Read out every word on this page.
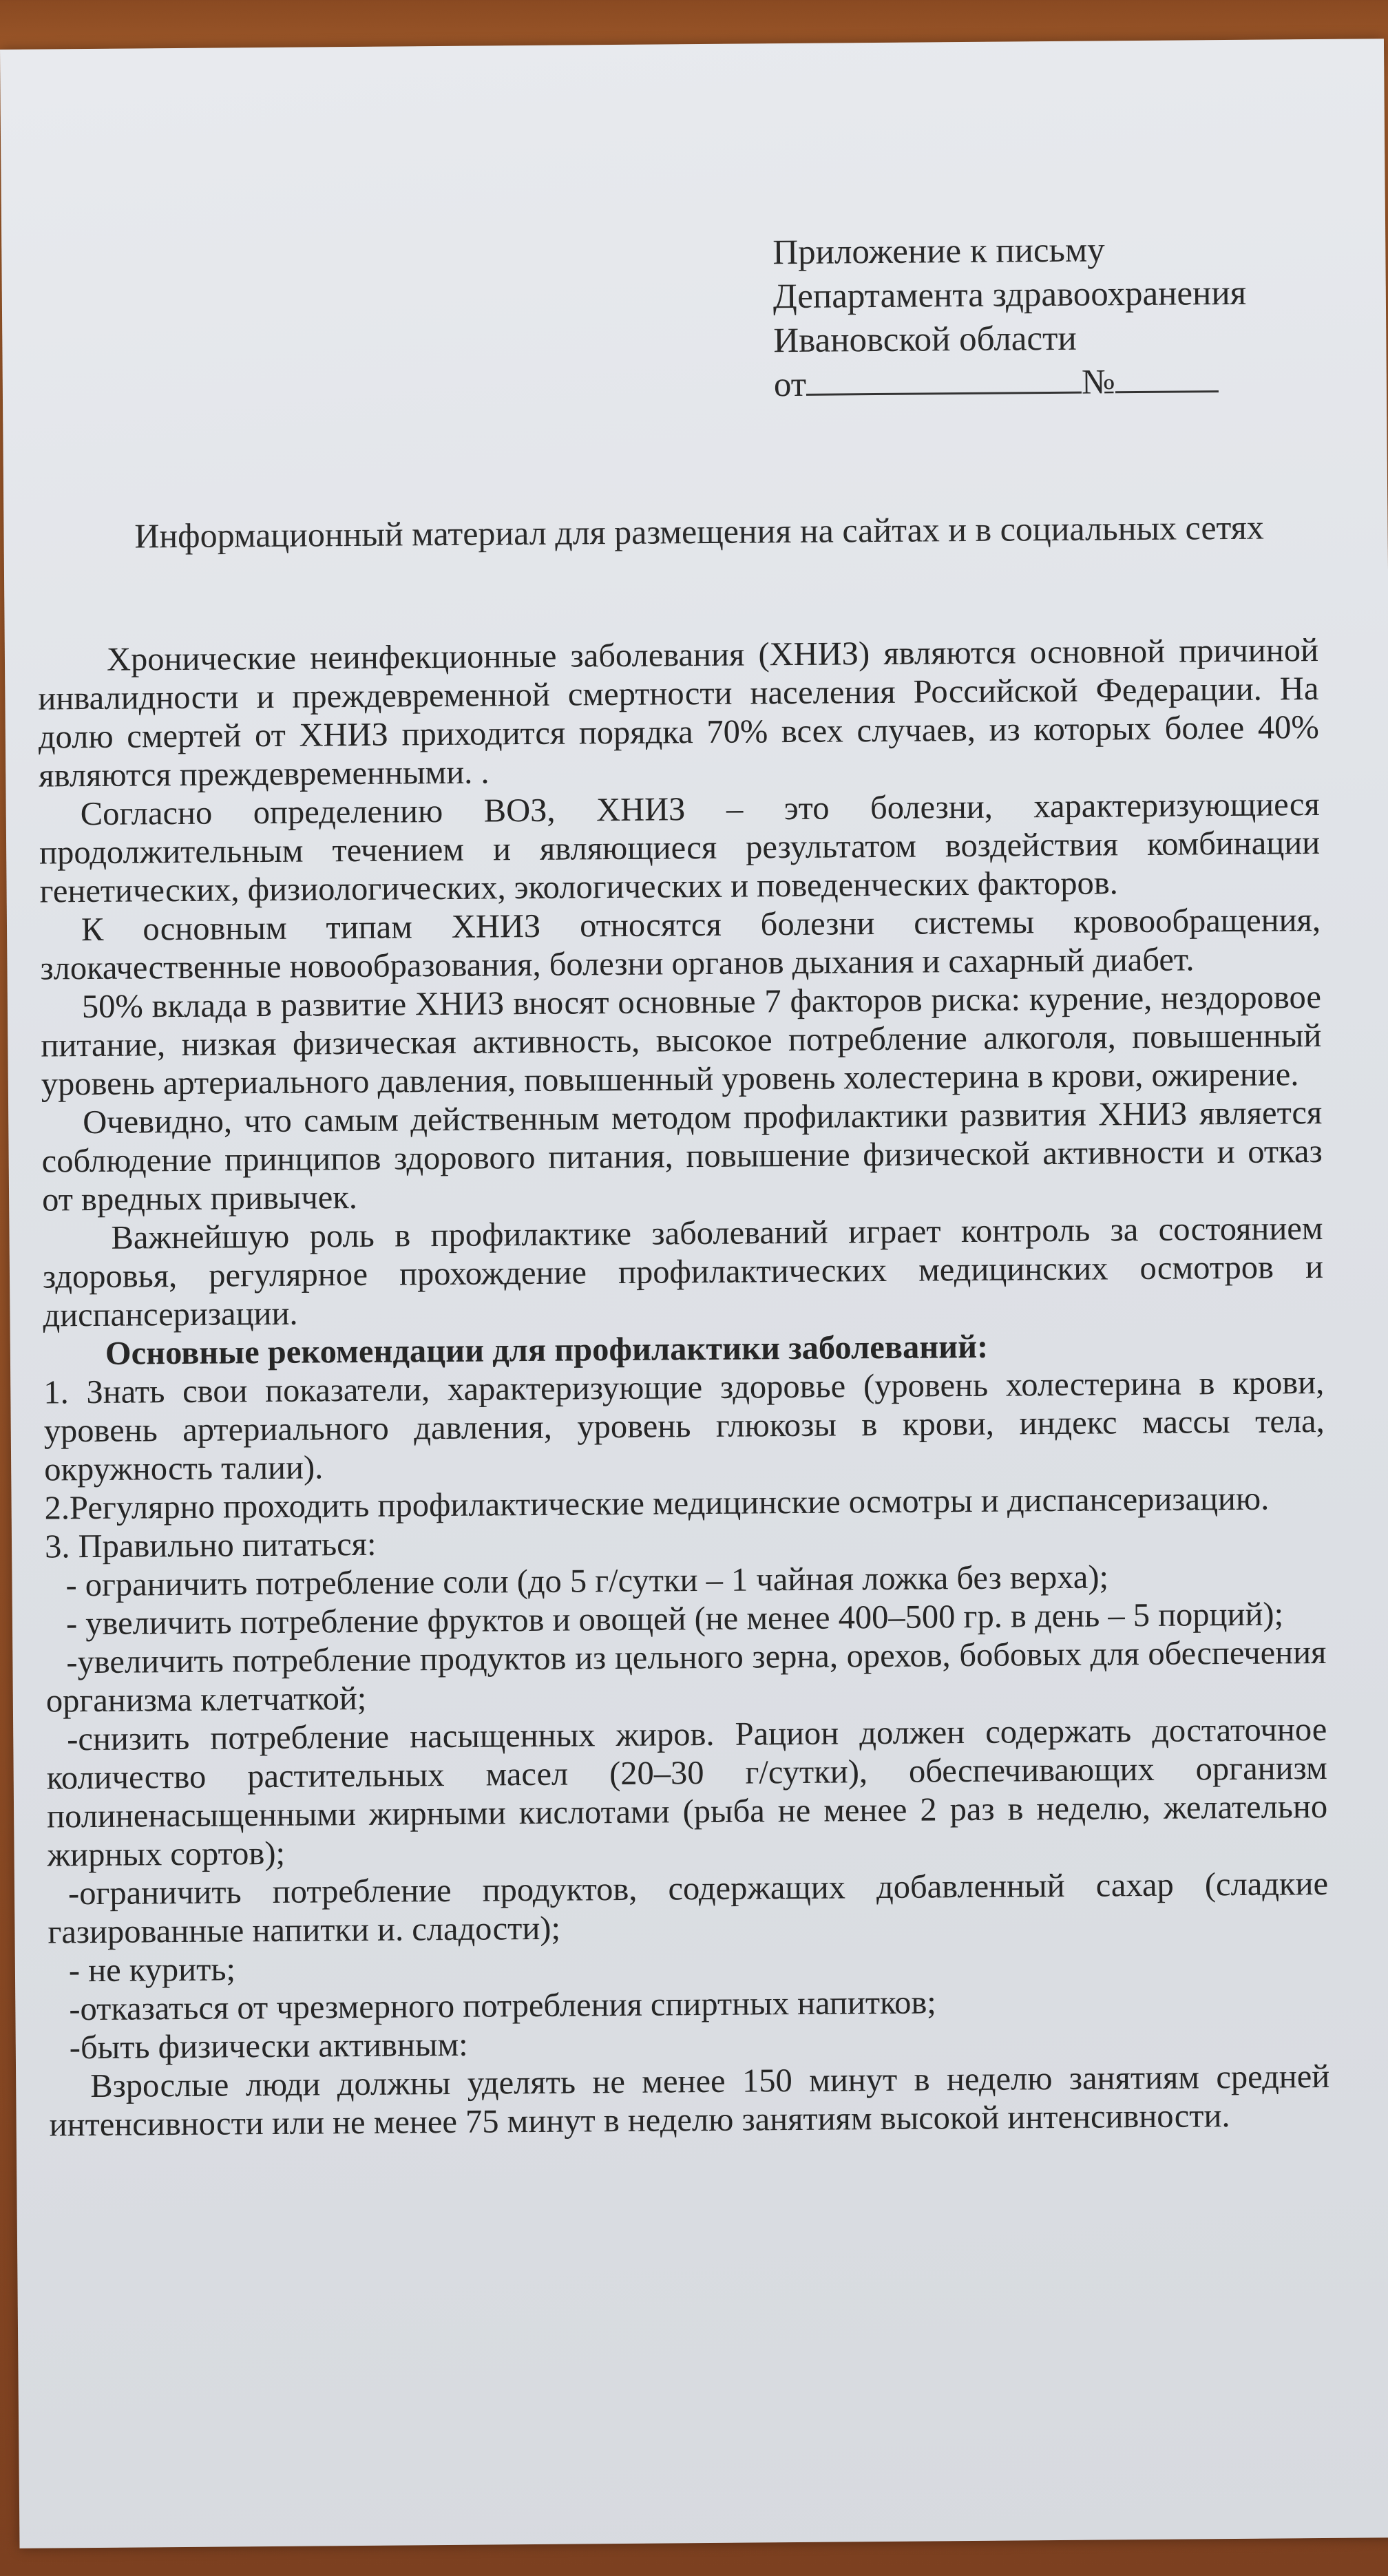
Приложение к письму
Департамента здравоохранения
Ивановской области
от	№
Информационный материал для размещения на сайтах и в социальных сетях

Хронические неинфекционные заболевания (ХНИЗ) являются основной причиной инвалидности и преждевременной смертности населения Российской Федерации. На долю смертей от ХНИЗ приходится порядка 70% всех случаев, из которых более 40% являются преждевременными. .

Согласно определению ВОЗ, ХНИЗ – это болезни, характеризующиеся продолжительным течением и являющиеся результатом воздействия комбинации генетических, физиологических, экологических и поведенческих факторов.

К основным типам ХНИЗ относятся болезни системы кровообращения, злокачественные новообразования, болезни органов дыхания и сахарный диабет.

50% вклада в развитие ХНИЗ вносят основные 7 факторов риска: курение, нездоровое питание, низкая физическая активность, высокое потребление алкоголя, повышенный уровень артериального давления, повышенный уровень холестерина в крови, ожирение.

Очевидно, что самым действенным методом профилактики развития ХНИЗ является соблюдение принципов здорового питания, повышение физической активности и отказ от вредных привычек.

Важнейшую роль в профилактике заболеваний играет контроль за состоянием здоровья, регулярное прохождение профилактических медицинских осмотров и диспансеризации.

Основные рекомендации для профилактики заболеваний:

1. Знать свои показатели, характеризующие здоровье (уровень холестерина в крови, уровень артериального давления, уровень глюкозы в крови, индекс массы тела, окружность талии).

2.Регулярно проходить профилактические медицинские осмотры и диспансеризацию.

3. Правильно питаться:

- ограничить потребление соли (до 5 г/сутки – 1 чайная ложка без верха);

- увеличить потребление фруктов и овощей (не менее 400–500 гр. в день – 5 порций);

-увеличить потребление продуктов из цельного зерна, орехов, бобовых для обеспечения организма клетчаткой;

-снизить потребление насыщенных жиров. Рацион должен содержать достаточное количество растительных масел (20–30 г/сутки), обеспечивающих организм полиненасыщенными жирными кислотами (рыба не менее 2 раз в неделю, желательно жирных сортов);

-ограничить потребление продуктов, содержащих добавленный сахар (сладкие газированные напитки и. сладости);

- не курить;

-отказаться от чрезмерного потребления спиртных напитков;

-быть физически активным:

Взрослые люди должны уделять не менее 150 минут в неделю занятиям средней интенсивности или не менее 75 минут в неделю занятиям высокой интенсивности.
